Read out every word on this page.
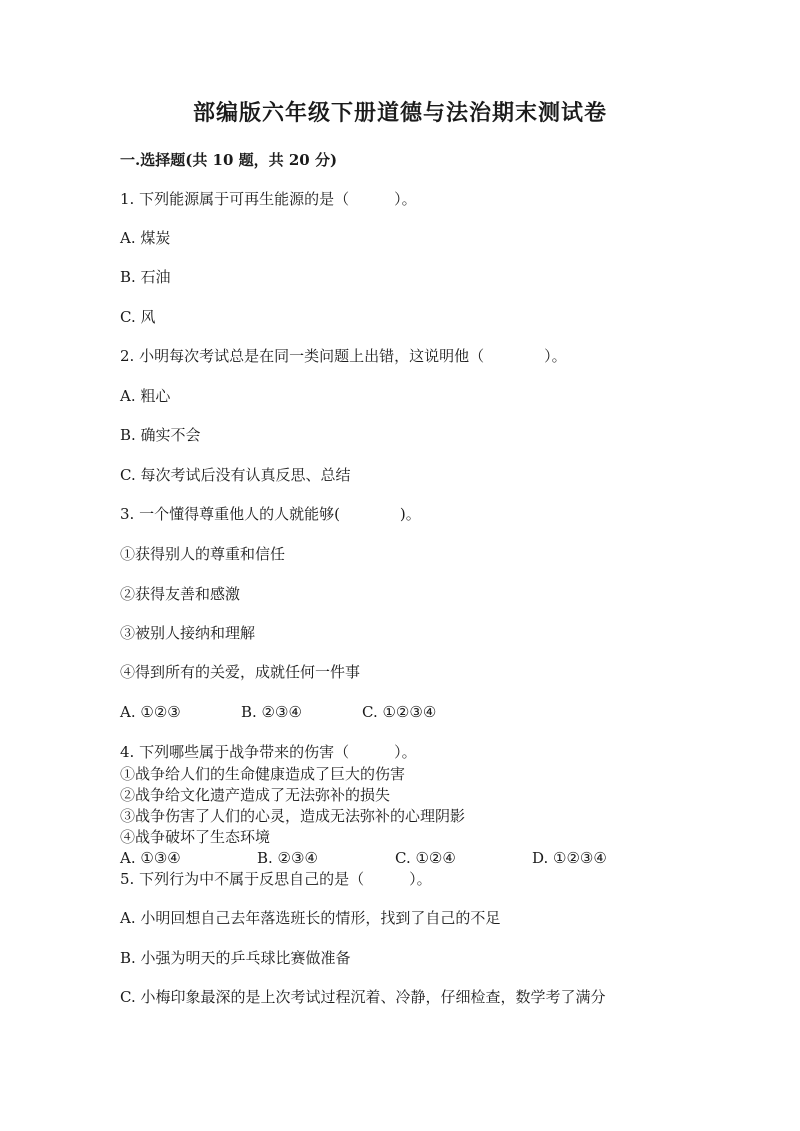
部编版六年级下册道德与法治期末测试卷
一.选择题(共 10 题，共 20 分)
1. 下列能源属于可再生能源的是（　　　）。
A. 煤炭
B. 石油
C. 风
2. 小明每次考试总是在同一类问题上出错，这说明他（　　　　）。
A. 粗心
B. 确实不会
C. 每次考试后没有认真反思、总结
3. 一个懂得尊重他人的人就能够(　　　　)。
①获得别人的尊重和信任
②获得友善和感激
③被别人接纳和理解
④得到所有的关爱，成就任何一件事
A. ①②③	B. ②③④	C. ①②③④
4. 下列哪些属于战争带来的伤害（　　　）。
①战争给人们的生命健康造成了巨大的伤害
②战争给文化遗产造成了无法弥补的损失
③战争伤害了人们的心灵，造成无法弥补的心理阴影
④战争破坏了生态环境
A. ①③④	B. ②③④	C. ①②④	D. ①②③④
5. 下列行为中不属于反思自己的是（　　　）。
A. 小明回想自己去年落选班长的情形，找到了自己的不足
B. 小强为明天的乒乓球比赛做准备
C. 小梅印象最深的是上次考试过程沉着、冷静，仔细检查，数学考了满分
